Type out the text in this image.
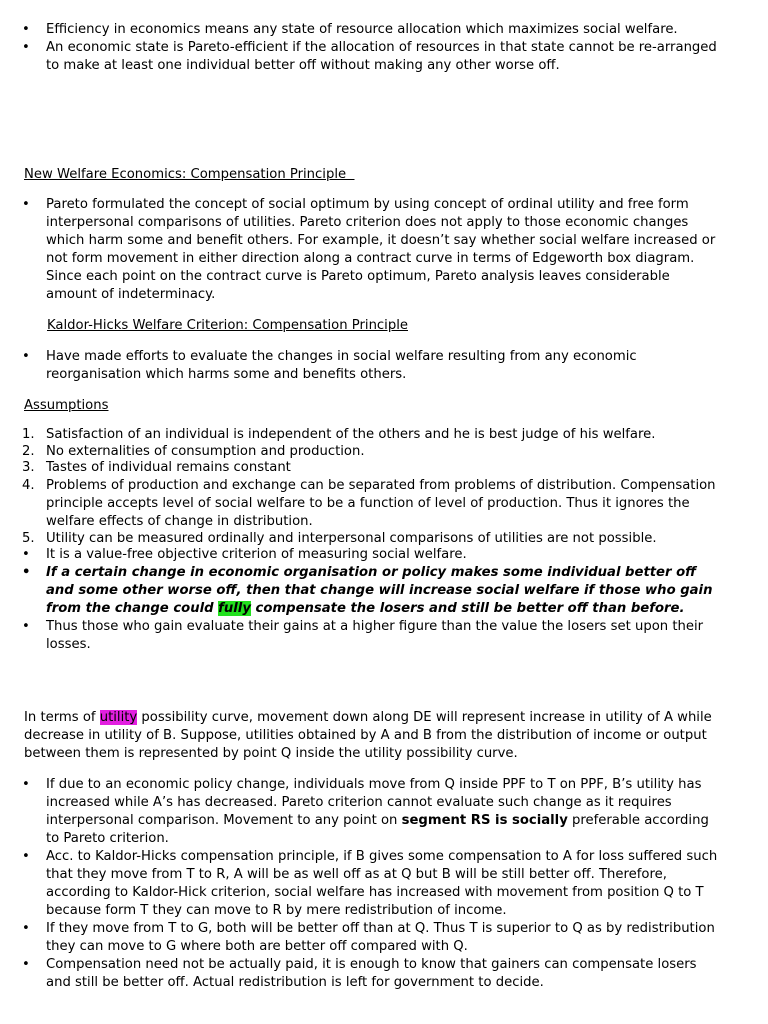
• Efficiency in economics means any state of resource allocation which maximizes social welfare.
• An economic state is Pareto-efficient if the allocation of resources in that state cannot be re-arranged to make at least one individual better off without making any other worse off.
New Welfare Economics: Compensation Principle
• Pareto formulated the concept of social optimum by using concept of ordinal utility and free form interpersonal comparisons of utilities. Pareto criterion does not apply to those economic changes which harm some and benefit others. For example, it doesn’t say whether social welfare increased or not form movement in either direction along a contract curve in terms of Edgeworth box diagram. Since each point on the contract curve is Pareto optimum, Pareto analysis leaves considerable amount of indeterminacy.
Kaldor-Hicks Welfare Criterion: Compensation Principle
• Have made efforts to evaluate the changes in social welfare resulting from any economic reorganisation which harms some and benefits others.
Assumptions
1. Satisfaction of an individual is independent of the others and he is best judge of his welfare.
2. No externalities of consumption and production.
3. Tastes of individual remains constant
4. Problems of production and exchange can be separated from problems of distribution. Compensation principle accepts level of social welfare to be a function of level of production. Thus it ignores the welfare effects of change in distribution.
5. Utility can be measured ordinally and interpersonal comparisons of utilities are not possible.
• It is a value-free objective criterion of measuring social welfare.
• If a certain change in economic organisation or policy makes some individual better off and some other worse off, then that change will increase social welfare if those who gain from the change could fully compensate the losers and still be better off than before.
• Thus those who gain evaluate their gains at a higher figure than the value the losers set upon their losses.
In terms of utility possibility curve, movement down along DE will represent increase in utility of A while decrease in utility of B. Suppose, utilities obtained by A and B from the distribution of income or output between them is represented by point Q inside the utility possibility curve.
• If due to an economic policy change, individuals move from Q inside PPF to T on PPF, B’s utility has increased while A’s has decreased. Pareto criterion cannot evaluate such change as it requires interpersonal comparison. Movement to any point on segment RS is socially preferable according to Pareto criterion.
• Acc. to Kaldor-Hicks compensation principle, if B gives some compensation to A for loss suffered such that they move from T to R, A will be as well off as at Q but B will be still better off. Therefore, according to Kaldor-Hick criterion, social welfare has increased with movement from position Q to T because form T they can move to R by mere redistribution of income.
• If they move from T to G, both will be better off than at Q. Thus T is superior to Q as by redistribution they can move to G where both are better off compared with Q.
• Compensation need not be actually paid, it is enough to know that gainers can compensate losers and still be better off. Actual redistribution is left for government to decide.
